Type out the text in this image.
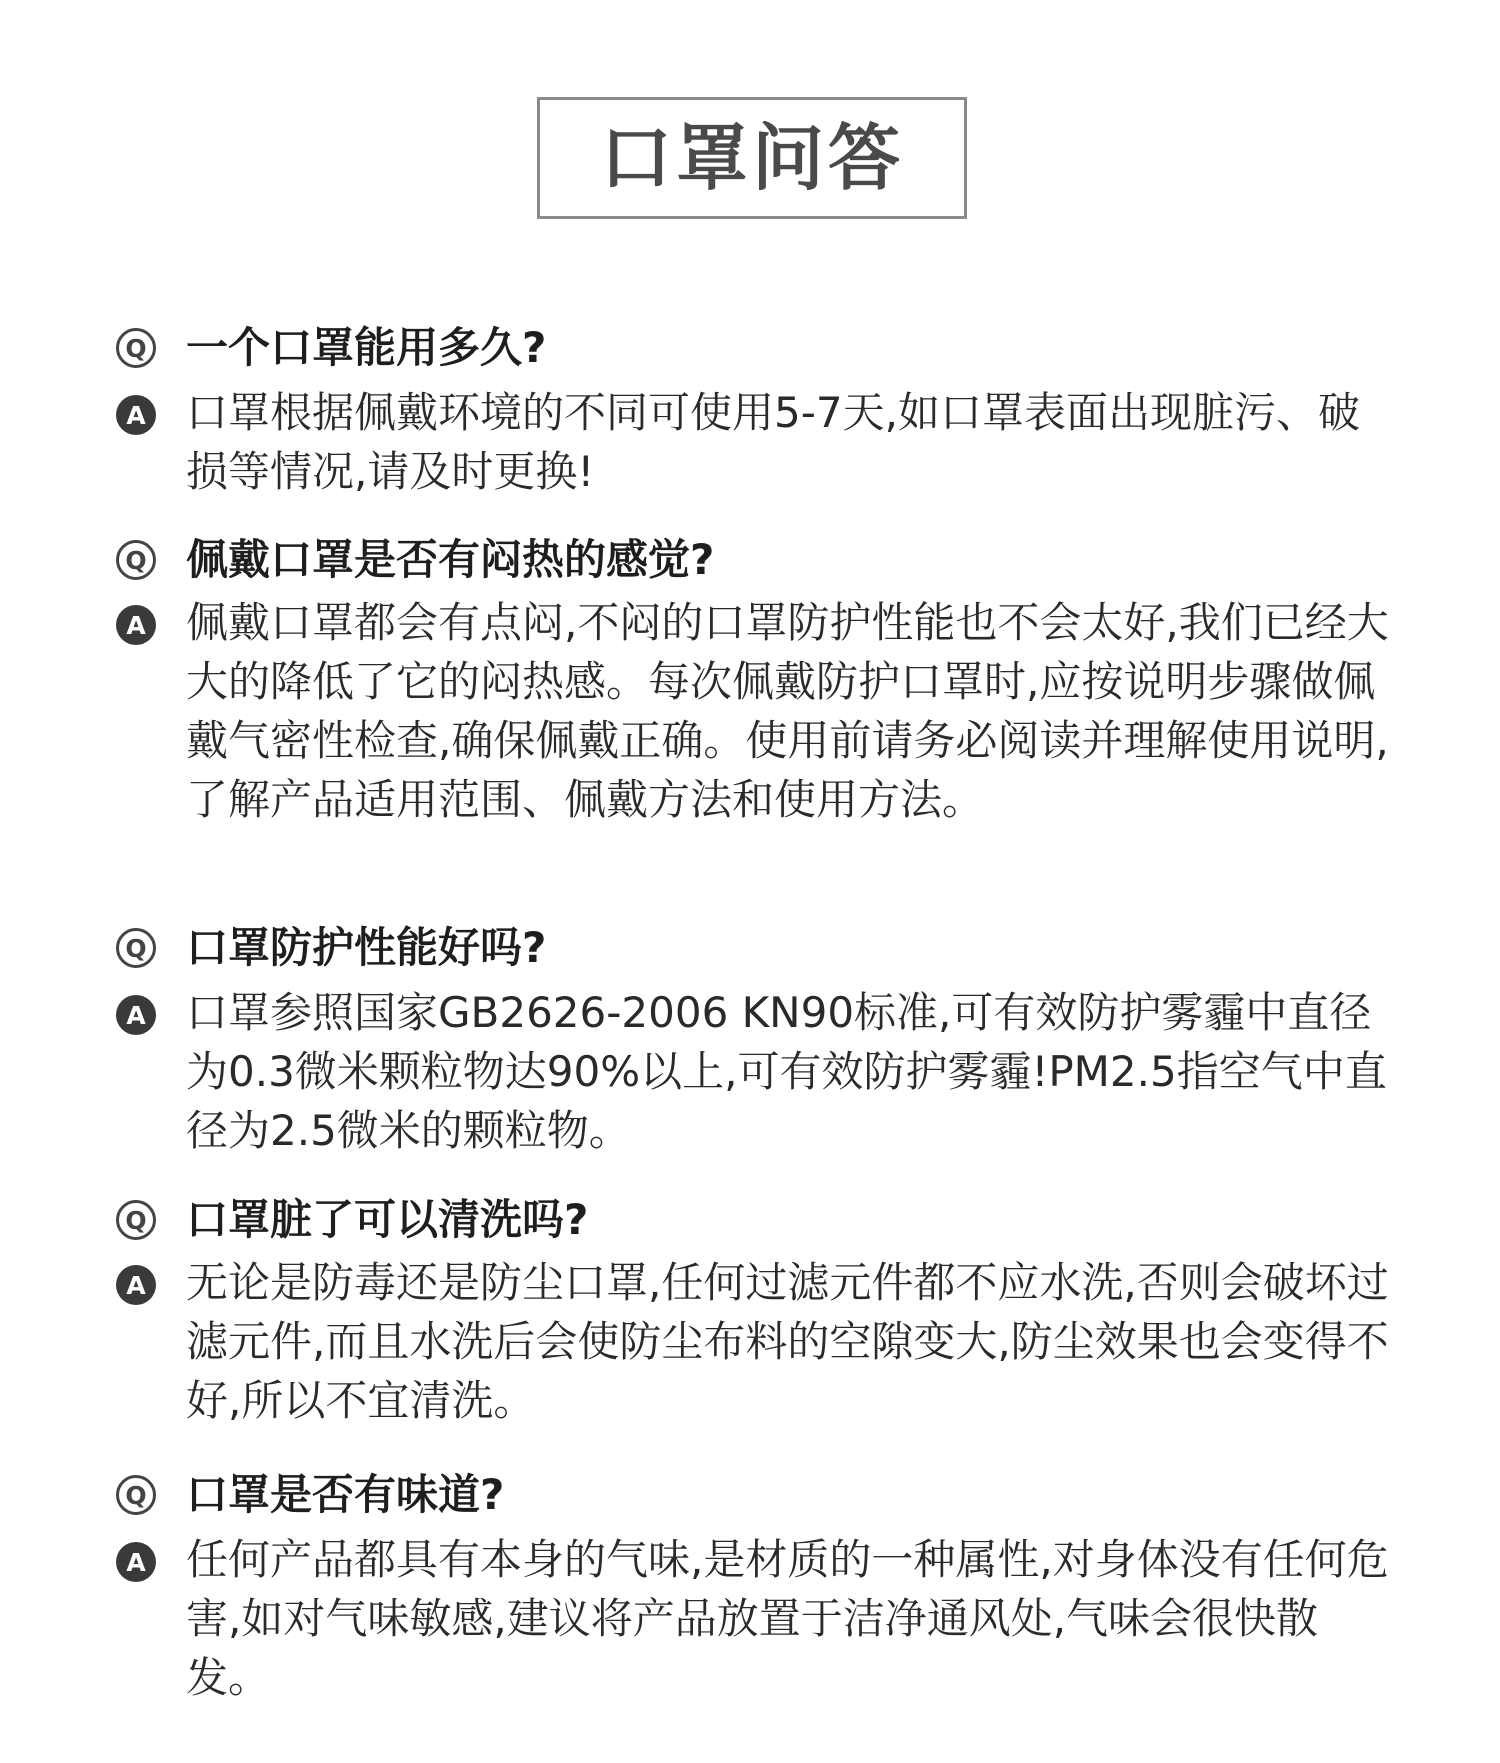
口罩问答
Q 一个口罩能用多久?
A 口罩根据佩戴环境的不同可使用5-7天,如口罩表面出现脏污、破损等情况,请及时更换!
Q 佩戴口罩是否有闷热的感觉?
A 佩戴口罩都会有点闷,不闷的口罩防护性能也不会太好,我们已经大大的降低了它的闷热感。每次佩戴防护口罩时,应按说明步骤做佩戴气密性检查,确保佩戴正确。使用前请务必阅读并理解使用说明,了解产品适用范围、佩戴方法和使用方法。
Q 口罩防护性能好吗?
A 口罩参照国家GB2626-2006 KN90标准,可有效防护雾霾中直径为0.3微米颗粒物达90%以上,可有效防护雾霾!PM2.5指空气中直径为2.5微米的颗粒物。
Q 口罩脏了可以清洗吗?
A 无论是防毒还是防尘口罩,任何过滤元件都不应水洗,否则会破坏过滤元件,而且水洗后会使防尘布料的空隙变大,防尘效果也会变得不好,所以不宜清洗。
Q 口罩是否有味道?
A 任何产品都具有本身的气味,是材质的一种属性,对身体没有任何危害,如对气味敏感,建议将产品放置于洁净通风处,气味会很快散发。
